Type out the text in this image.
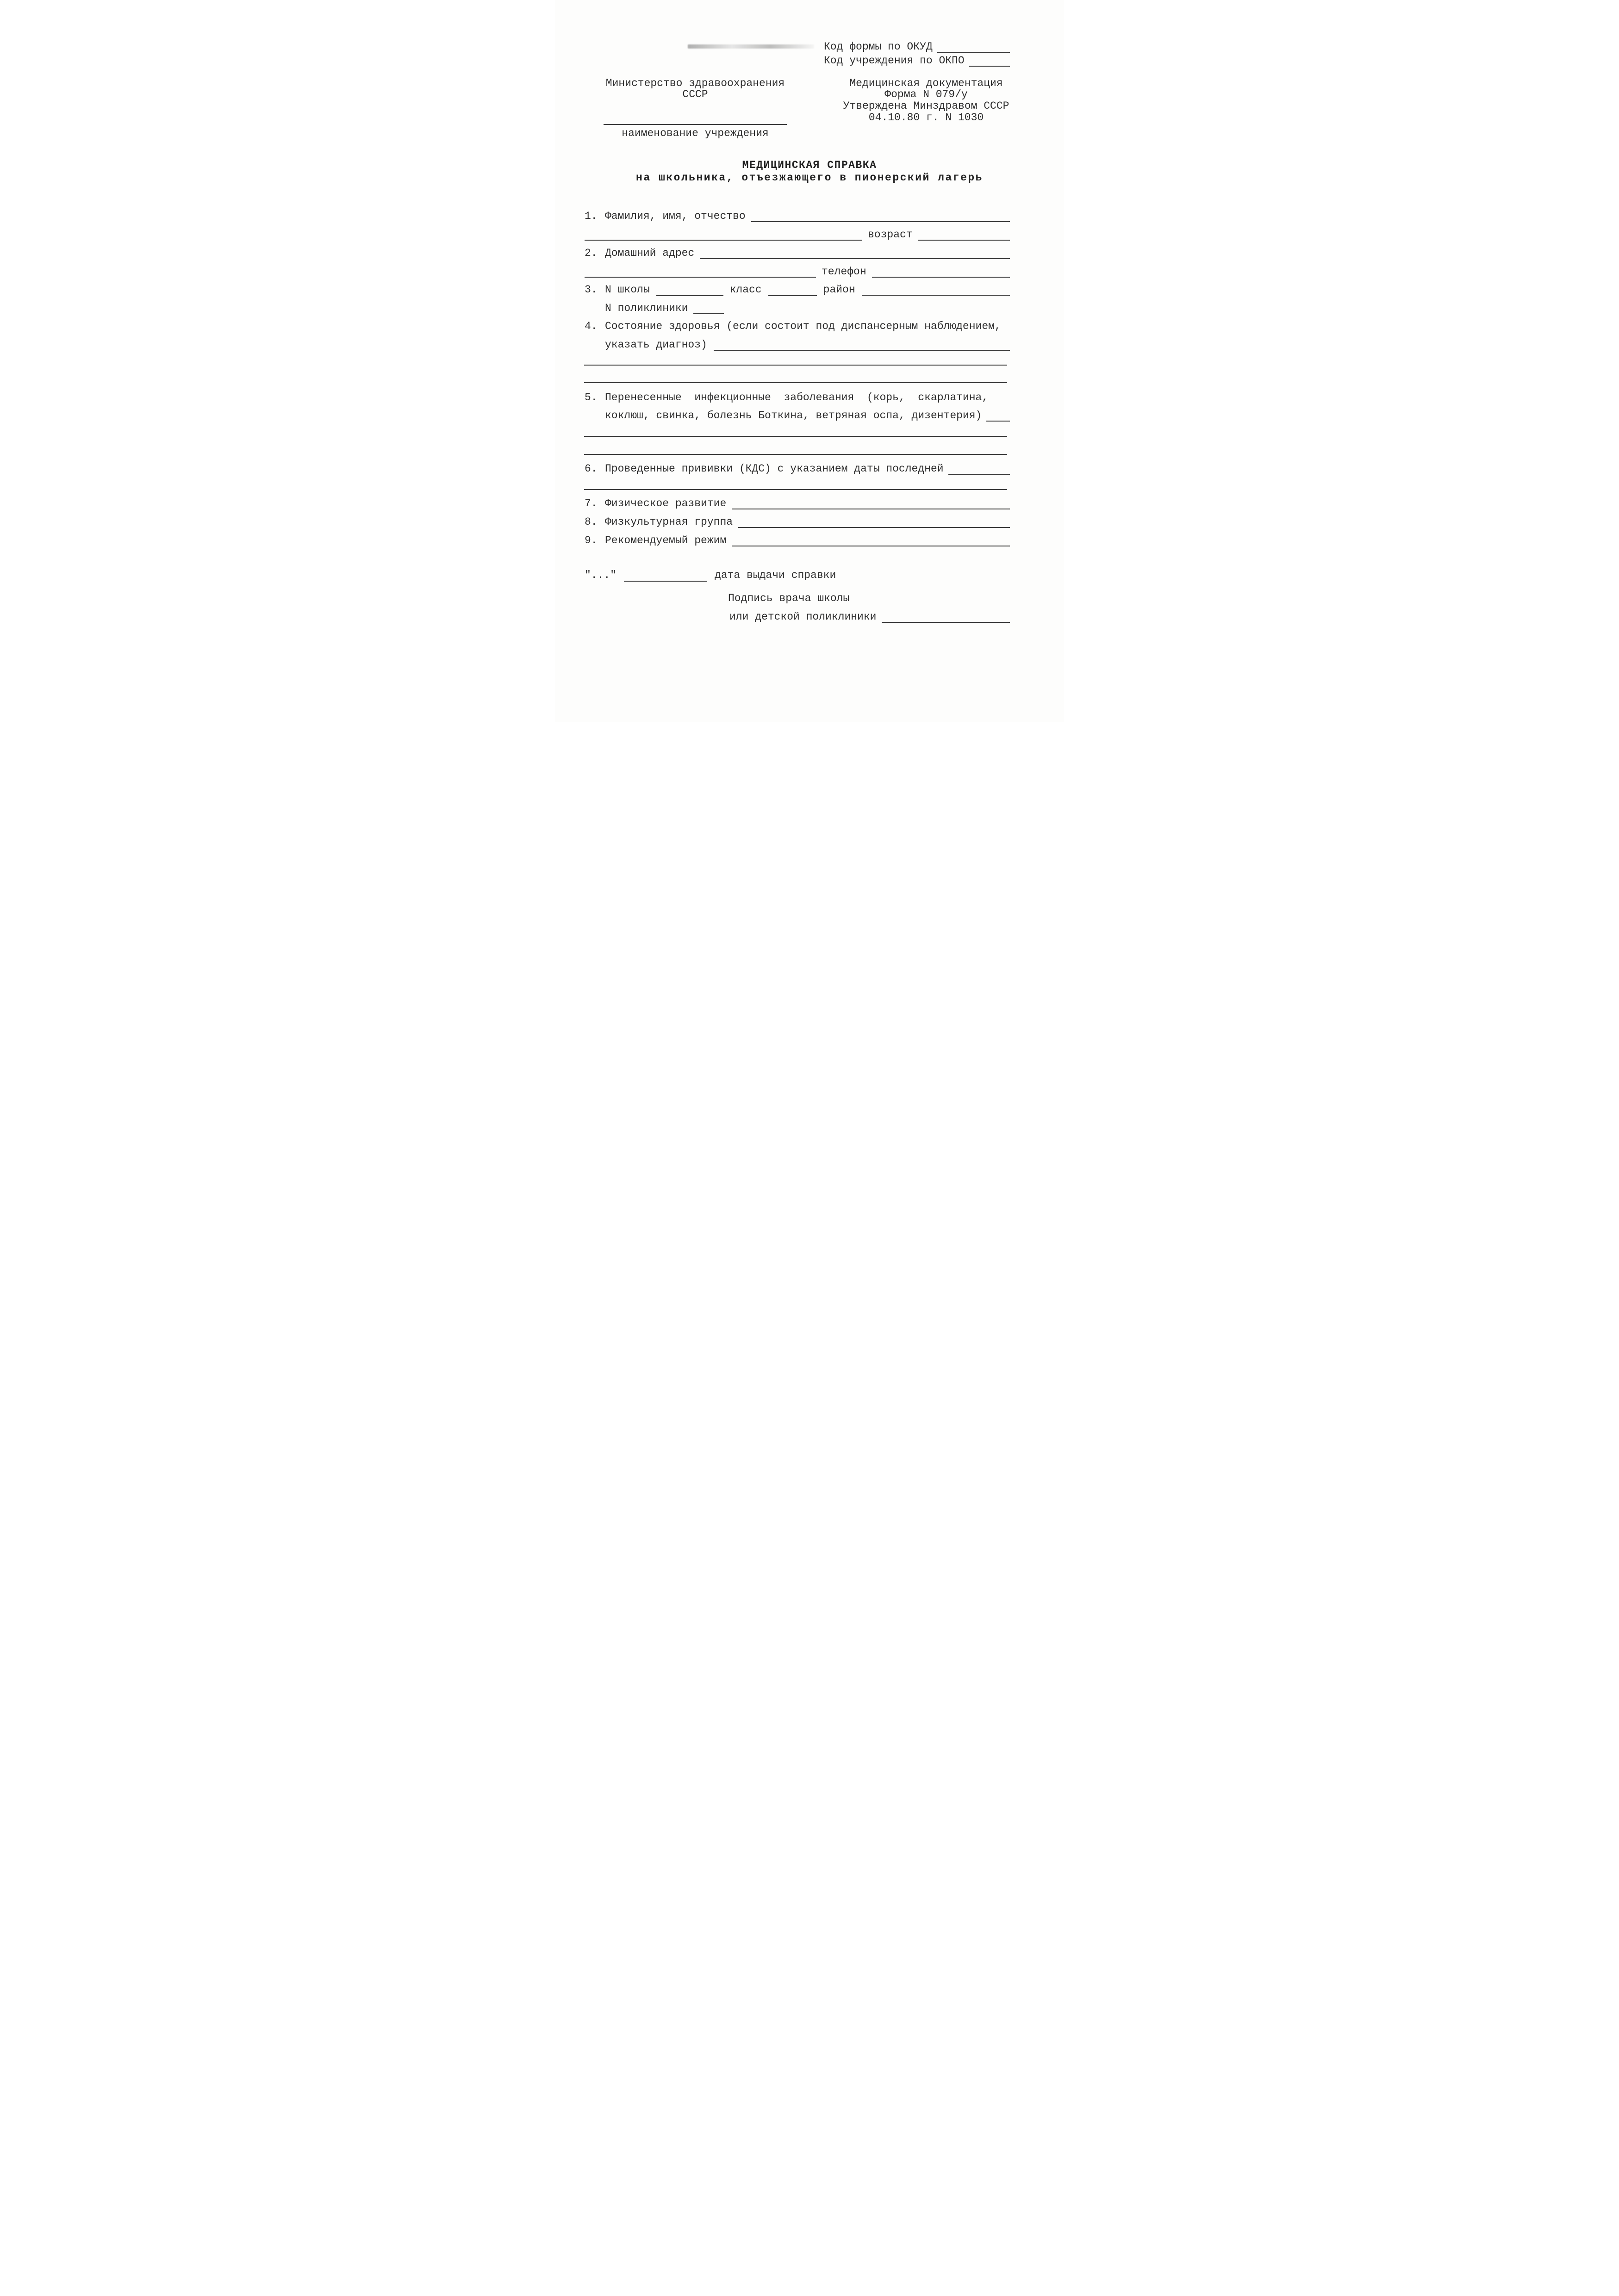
Код формы по ОКУД
Код учреждения по ОКПО
Министерство здравоохранения
СССР
наименование учреждения
Медицинская документация
Форма N 079/у
Утверждена Минздравом СССР
04.10.80 г. N 1030
МЕДИЦИНСКАЯ СПРАВКА
на школьника, отъезжающего в пионерский лагерь
1. Фамилия, имя, отчество
возраст
2. Домашний адрес
телефон
3. N школы	класс	район
N поликлиники
4. Состояние здоровья (если состоит под диспансерным наблюдением,
указать диагноз)
5. Перенесенные  инфекционные  заболевания  (корь,  скарлатина,
коклюш, свинка, болезнь Боткина, ветряная оспа, дизентерия)
6. Проведенные прививки (КДС) с указанием даты последней
7. Физическое развитие
8. Физкультурная группа
9. Рекомендуемый режим
"..."	дата выдачи справки
Подпись врача школы
или детской поликлиники
